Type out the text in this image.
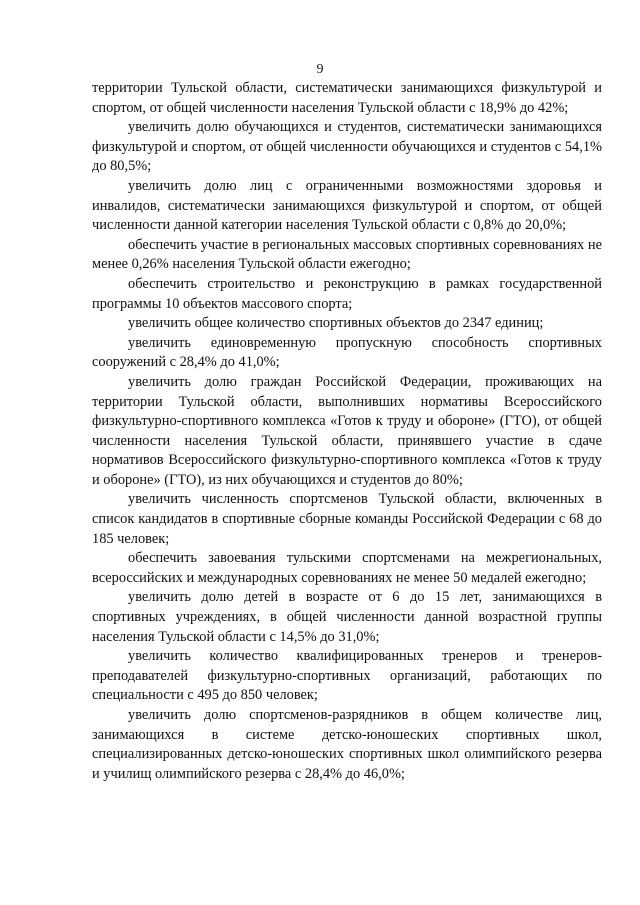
9

территории Тульской области, систематически занимающихся физкультурой и спортом, от общей численности населения Тульской области с 18,9% до 42%;

увеличить долю обучающихся и студентов, систематически занимающихся физкультурой и спортом, от общей численности обучающихся и студентов с 54,1% до 80,5%;

увеличить долю лиц с ограниченными возможностями здоровья и инвалидов, систематически занимающихся физкультурой и спортом, от общей численности данной категории населения Тульской области с 0,8% до 20,0%;

обеспечить участие в региональных массовых спортивных соревнованиях не менее 0,26% населения Тульской области ежегодно;

обеспечить строительство и реконструкцию в рамках государственной программы 10 объектов массового спорта;

увеличить общее количество спортивных объектов до 2347 единиц;

увеличить единовременную пропускную способность спортивных сооружений с 28,4% до 41,0%;

увеличить долю граждан Российской Федерации, проживающих на территории Тульской области, выполнивших нормативы Всероссийского физкультурно-спортивного комплекса «Готов к труду и обороне» (ГТО), от общей численности населения Тульской области, принявшего участие в сдаче нормативов Всероссийского физкультурно-спортивного комплекса «Готов к труду и обороне» (ГТО), из них обучающихся и студентов до 80%;

увеличить численность спортсменов Тульской области, включенных в список кандидатов в спортивные сборные команды Российской Федерации с 68 до 185 человек;

обеспечить завоевания тульскими спортсменами на межрегиональных, всероссийских и международных соревнованиях не менее 50 медалей ежегодно;

увеличить долю детей в возрасте от 6 до 15 лет, занимающихся в спортивных учреждениях, в общей численности данной возрастной группы населения Тульской области с 14,5% до 31,0%;

увеличить количество квалифицированных тренеров и тренеров-преподавателей физкультурно-спортивных организаций, работающих по специальности с 495 до 850 человек;

увеличить долю спортсменов-разрядников в общем количестве лиц, занимающихся в системе детско-юношеских спортивных школ, специализированных детско-юношеских спортивных школ олимпийского резерва и училищ олимпийского резерва с 28,4% до 46,0%;
